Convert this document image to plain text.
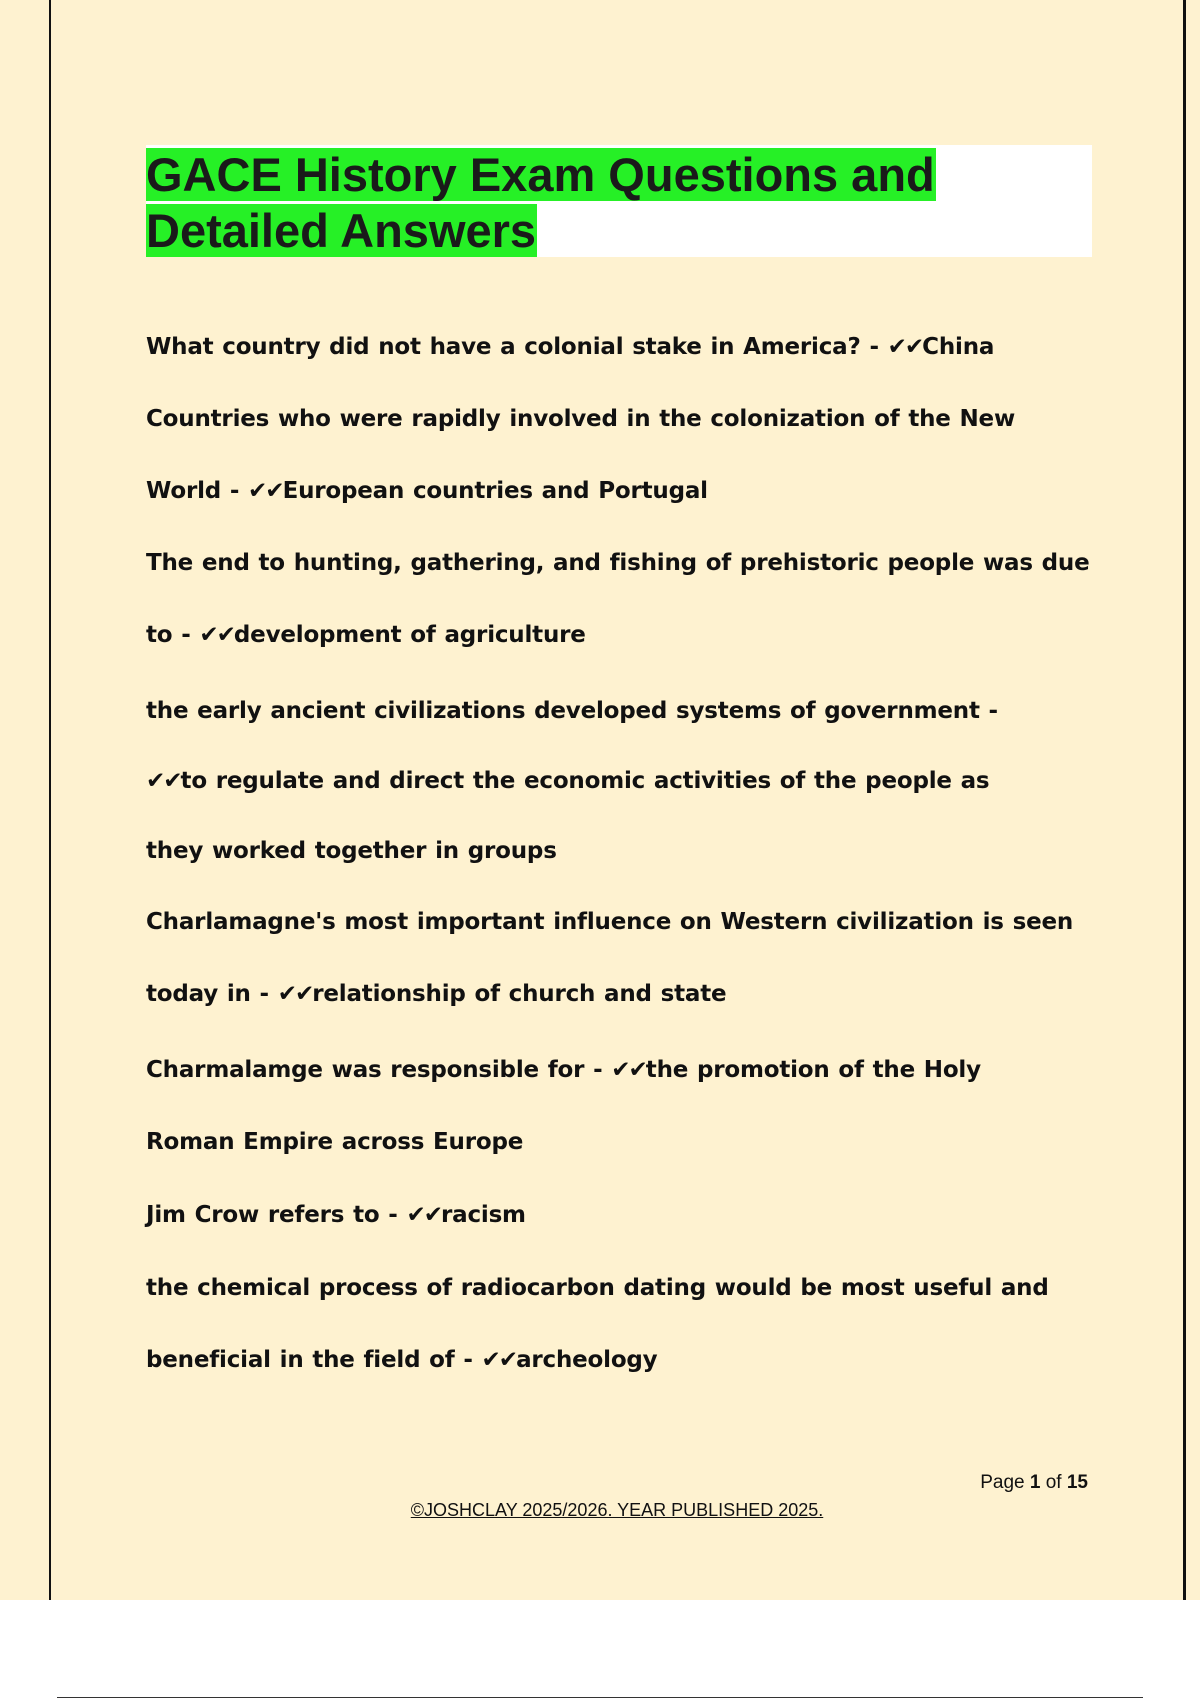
GACE History Exam Questions and
Detailed Answers

What country did not have a colonial stake in America? - ✔✔China

Countries who were rapidly involved in the colonization of the New World - ✔✔European countries and Portugal

The end to hunting, gathering, and fishing of prehistoric people was due to - ✔✔development of agriculture

the early ancient civilizations developed systems of government - ✔✔to regulate and direct the economic activities of the people as they worked together in groups

Charlamagne's most important influence on Western civilization is seen today in - ✔✔relationship of church and state

Charmalamge was responsible for - ✔✔the promotion of the Holy Roman Empire across Europe

Jim Crow refers to - ✔✔racism

the chemical process of radiocarbon dating would be most useful and beneficial in the field of - ✔✔archeology

Page 1 of 15
©JOSHCLAY 2025/2026. YEAR PUBLISHED 2025.
